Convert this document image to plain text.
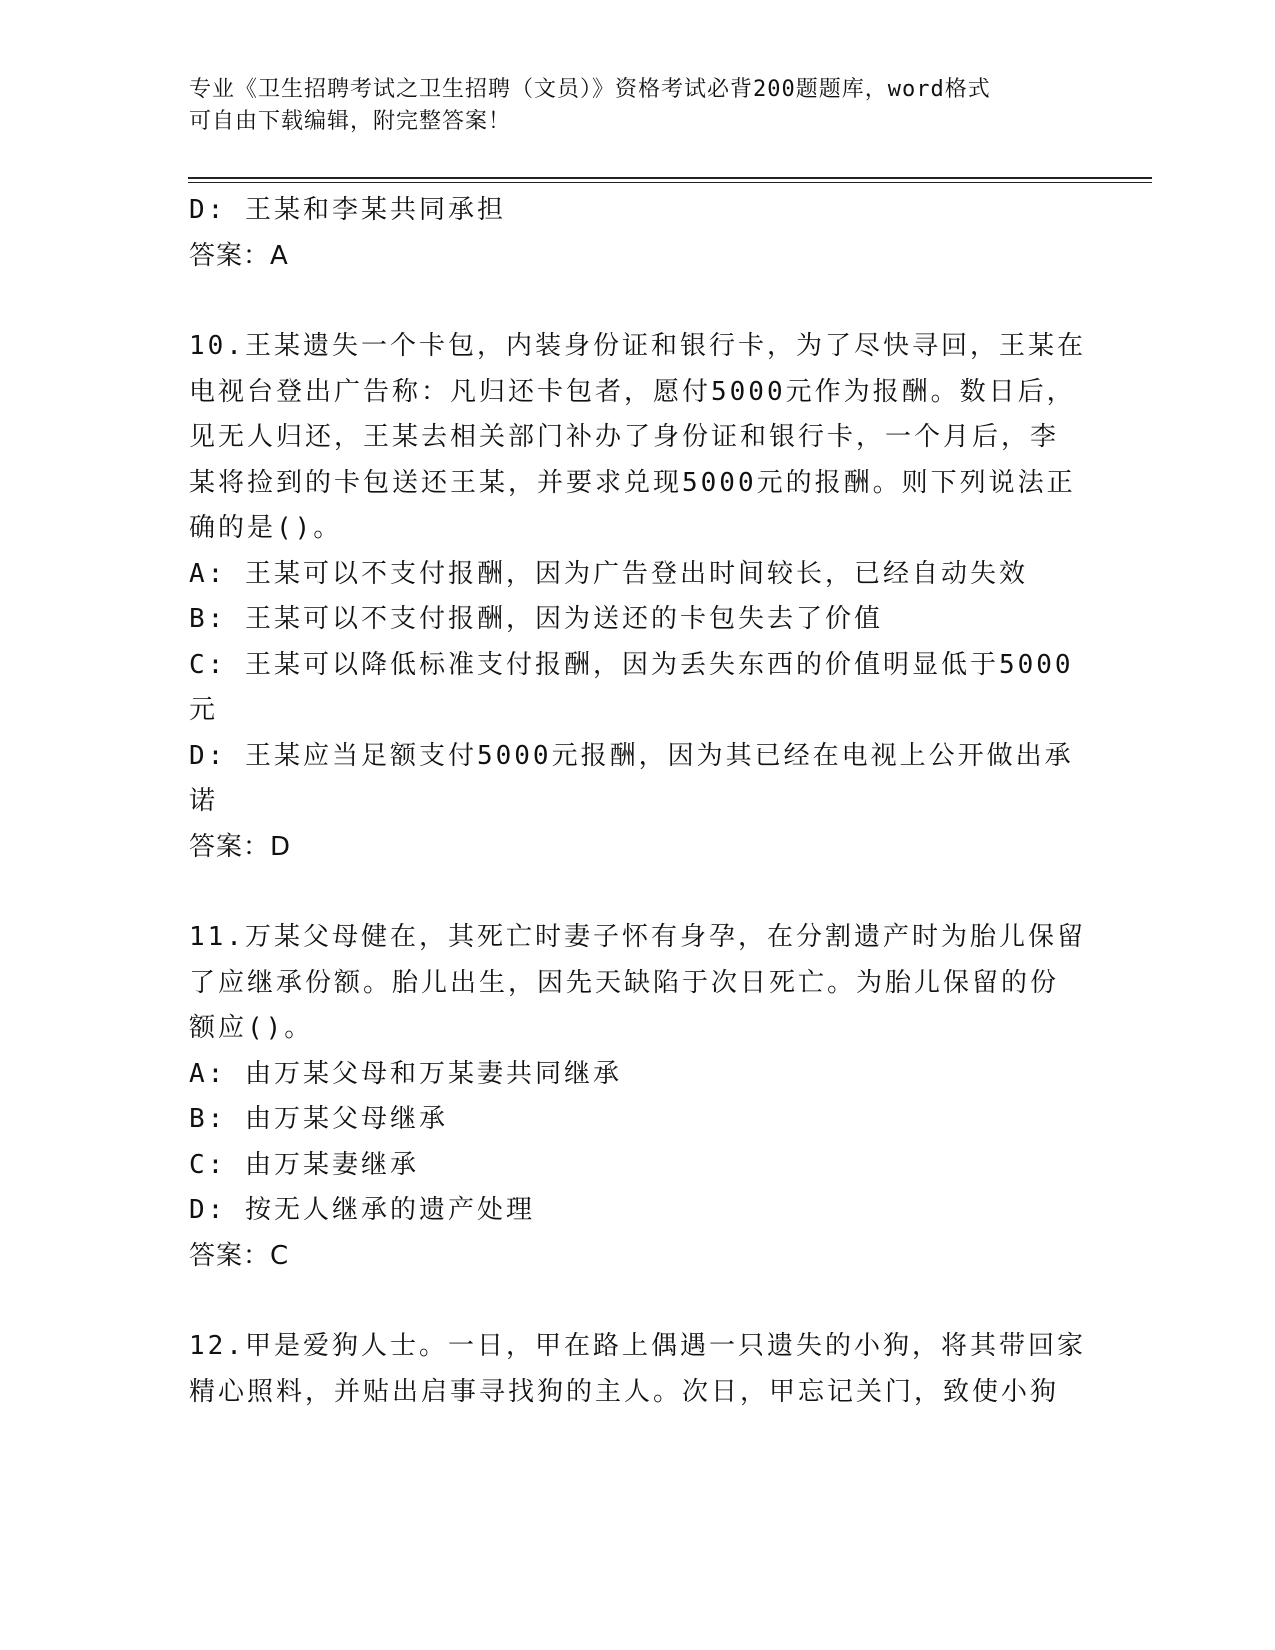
专业《卫生招聘考试之卫生招聘（文员）》资格考试必背200题题库，word格式
可自由下载编辑，附完整答案！
D: 王某和李某共同承担
答案：A
10.王某遗失一个卡包，内装身份证和银行卡，为了尽快寻回，王某在
电视台登出广告称：凡归还卡包者，愿付5000元作为报酬。数日后，
见无人归还，王某去相关部门补办了身份证和银行卡，一个月后，李
某将捡到的卡包送还王某，并要求兑现5000元的报酬。则下列说法正
确的是()。
A: 王某可以不支付报酬，因为广告登出时间较长，已经自动失效
B: 王某可以不支付报酬，因为送还的卡包失去了价值
C: 王某可以降低标准支付报酬，因为丢失东西的价值明显低于5000
元
D: 王某应当足额支付5000元报酬，因为其已经在电视上公开做出承
诺
答案：D
11.万某父母健在，其死亡时妻子怀有身孕，在分割遗产时为胎儿保留
了应继承份额。胎儿出生，因先天缺陷于次日死亡。为胎儿保留的份
额应()。
A: 由万某父母和万某妻共同继承
B: 由万某父母继承
C: 由万某妻继承
D: 按无人继承的遗产处理
答案：C
12.甲是爱狗人士。一日，甲在路上偶遇一只遗失的小狗，将其带回家
精心照料，并贴出启事寻找狗的主人。次日，甲忘记关门，致使小狗
